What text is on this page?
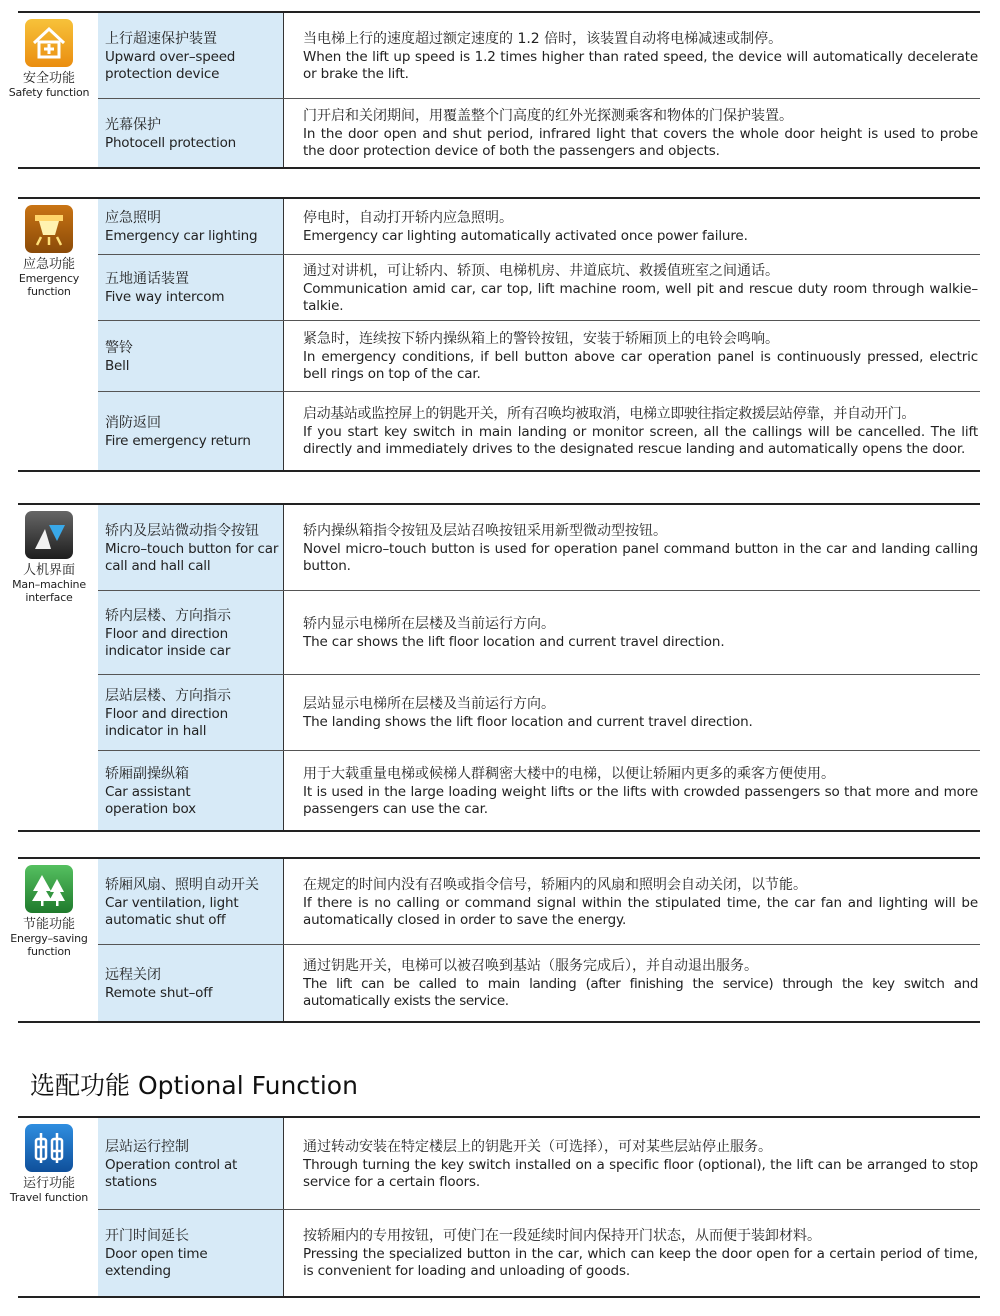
安全功能
Safety function
上行超速保护装置
Upward over–speed
protection device
当电梯上行的速度超过额定速度的 1.2 倍时，该装置自动将电梯减速或制停。
When the lift up speed is 1.2 times higher than rated speed, the device will automatically decelerate or brake the lift.
光幕保护
Photocell protection
门开启和关闭期间，用覆盖整个门高度的红外光探测乘客和物体的门保护装置。
In the door open and shut period, infrared light that covers the whole door height is used to probe the door protection device of both the passengers and objects.
应急功能
Emergency function
应急照明
Emergency car lighting
停电时，自动打开轿内应急照明。
Emergency car lighting automatically activated once power failure.
五地通话装置
Five way intercom
通过对讲机，可让轿内、轿顶、电梯机房、井道底坑、救援值班室之间通话。
Communication amid car, car top, lift machine room, well pit and rescue duty room through walkie–talkie.
警铃
Bell
紧急时，连续按下轿内操纵箱上的警铃按钮，安装于轿厢顶上的电铃会鸣响。
In emergency conditions, if bell button above car operation panel is continuously pressed, electric bell rings on top of the car.
消防返回
Fire emergency return
启动基站或监控屏上的钥匙开关，所有召唤均被取消，电梯立即驶往指定救援层站停靠，并自动开门。
If you start key switch in main landing or monitor screen, all the callings will be cancelled. The lift directly and immediately drives to the designated rescue landing and automatically opens the door.
人机界面
Man–machine
interface
轿内及层站微动指令按钮
Micro–touch button for car
call and hall call
轿内操纵箱指令按钮及层站召唤按钮采用新型微动型按钮。
Novel micro–touch button is used for operation panel command button in the car and landing calling button.
轿内层楼、方向指示
Floor and direction
indicator inside car
轿内显示电梯所在层楼及当前运行方向。
The car shows the lift floor location and current travel direction.
层站层楼、方向指示
Floor and direction
indicator in hall
层站显示电梯所在层楼及当前运行方向。
The landing shows the lift floor location and current travel direction.
轿厢副操纵箱
Car assistant
operation box
用于大载重量电梯或候梯人群稠密大楼中的电梯，以便让轿厢内更多的乘客方便使用。
It is used in the large loading weight lifts or the lifts with crowded passengers so that more and more passengers can use the car.
节能功能
Energy–saving
function
轿厢风扇、照明自动开关
Car ventilation, light
automatic shut off
在规定的时间内没有召唤或指令信号，轿厢内的风扇和照明会自动关闭，以节能。
If there is no calling or command signal within the stipulated time, the car fan and lighting will be automatically closed in order to save the energy.
远程关闭
Remote shut–off
通过钥匙开关，电梯可以被召唤到基站（服务完成后），并自动退出服务。
The lift can be called to main landing (after finishing the service) through the key switch and automatically exists the service.
选配功能 Optional Function
运行功能
Travel function
层站运行控制
Operation control at
stations
通过转动安装在特定楼层上的钥匙开关（可选择），可对某些层站停止服务。
Through turning the key switch installed on a specific floor (optional), the lift can be arranged to stop service for a certain floors.
开门时间延长
Door open time
extending
按轿厢内的专用按钮，可使门在一段延续时间内保持开门状态，从而便于装卸材料。
Pressing the specialized button in the car, which can keep the door open for a certain period of time, is convenient for loading and unloading of goods.
